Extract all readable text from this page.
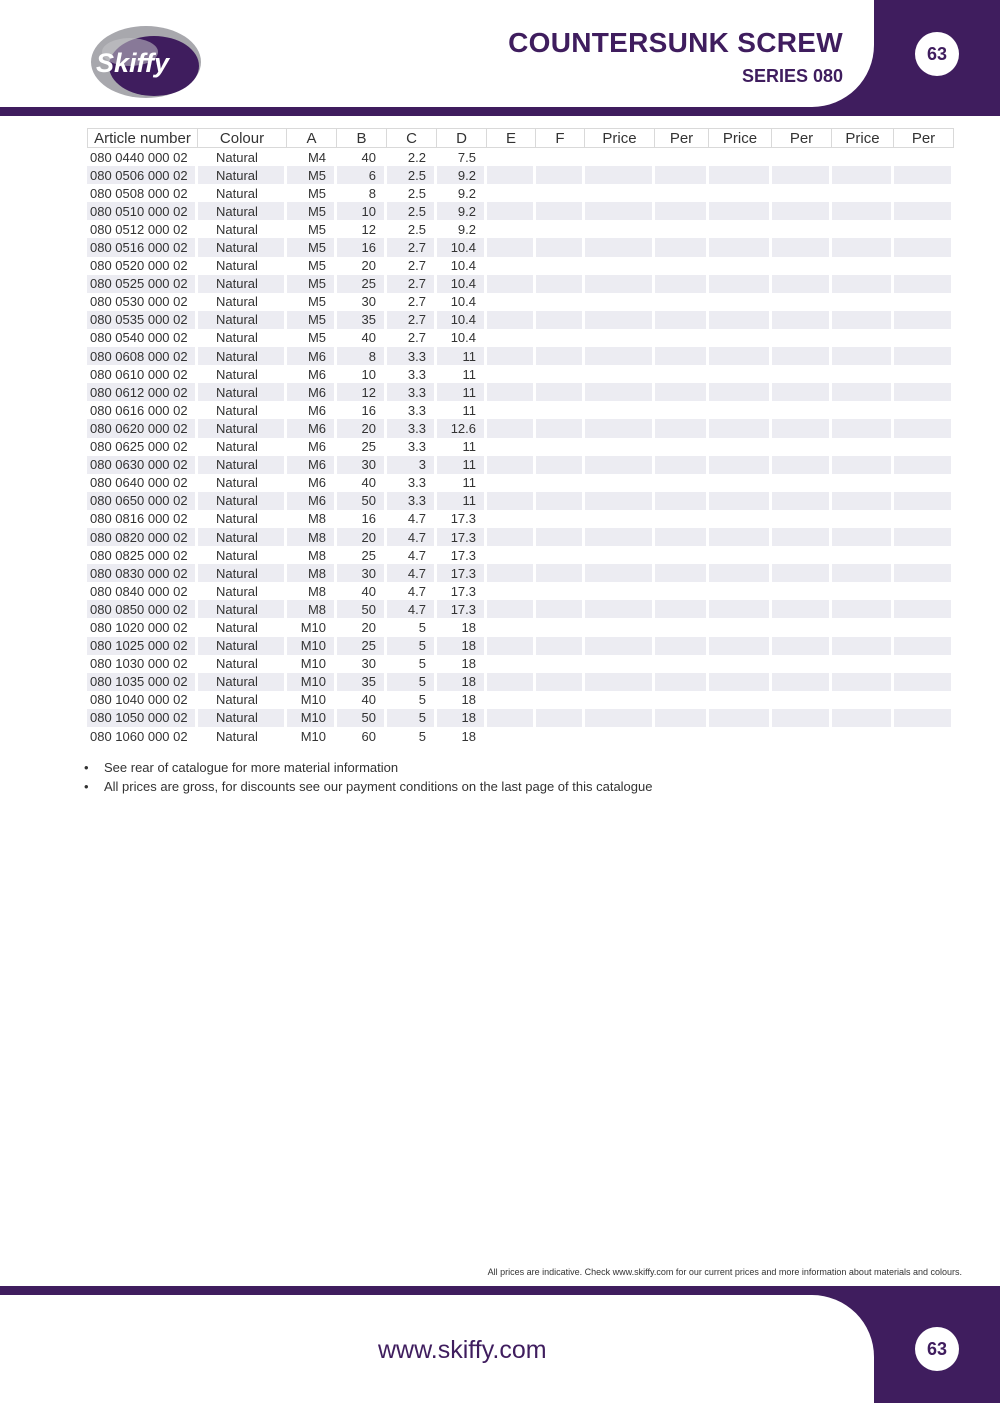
Skiffy
COUNTERSUNK SCREW
SERIES 080
63
Article number	Colour	A	B	C	D	E	F	Price	Per	Price	Per	Price	Per
080 0440 000 02	Natural	M4	40	2.2	7.5								
080 0506 000 02	Natural	M5	6	2.5	9.2								
080 0508 000 02	Natural	M5	8	2.5	9.2								
080 0510 000 02	Natural	M5	10	2.5	9.2								
080 0512 000 02	Natural	M5	12	2.5	9.2								
080 0516 000 02	Natural	M5	16	2.7	10.4								
080 0520 000 02	Natural	M5	20	2.7	10.4								
080 0525 000 02	Natural	M5	25	2.7	10.4								
080 0530 000 02	Natural	M5	30	2.7	10.4								
080 0535 000 02	Natural	M5	35	2.7	10.4								
080 0540 000 02	Natural	M5	40	2.7	10.4								
080 0608 000 02	Natural	M6	8	3.3	11								
080 0610 000 02	Natural	M6	10	3.3	11								
080 0612 000 02	Natural	M6	12	3.3	11								
080 0616 000 02	Natural	M6	16	3.3	11								
080 0620 000 02	Natural	M6	20	3.3	12.6								
080 0625 000 02	Natural	M6	25	3.3	11								
080 0630 000 02	Natural	M6	30	3	11								
080 0640 000 02	Natural	M6	40	3.3	11								
080 0650 000 02	Natural	M6	50	3.3	11								
080 0816 000 02	Natural	M8	16	4.7	17.3								
080 0820 000 02	Natural	M8	20	4.7	17.3								
080 0825 000 02	Natural	M8	25	4.7	17.3								
080 0830 000 02	Natural	M8	30	4.7	17.3								
080 0840 000 02	Natural	M8	40	4.7	17.3								
080 0850 000 02	Natural	M8	50	4.7	17.3								
080 1020 000 02	Natural	M10	20	5	18								
080 1025 000 02	Natural	M10	25	5	18								
080 1030 000 02	Natural	M10	30	5	18								
080 1035 000 02	Natural	M10	35	5	18								
080 1040 000 02	Natural	M10	40	5	18								
080 1050 000 02	Natural	M10	50	5	18								
080 1060 000 02	Natural	M10	60	5	18								
• See rear of catalogue for more material information
• All prices are gross, for discounts see our payment conditions on the last page of this catalogue
All prices are indicative. Check www.skiffy.com for our current prices and more information about materials and colours.
www.skiffy.com	63
